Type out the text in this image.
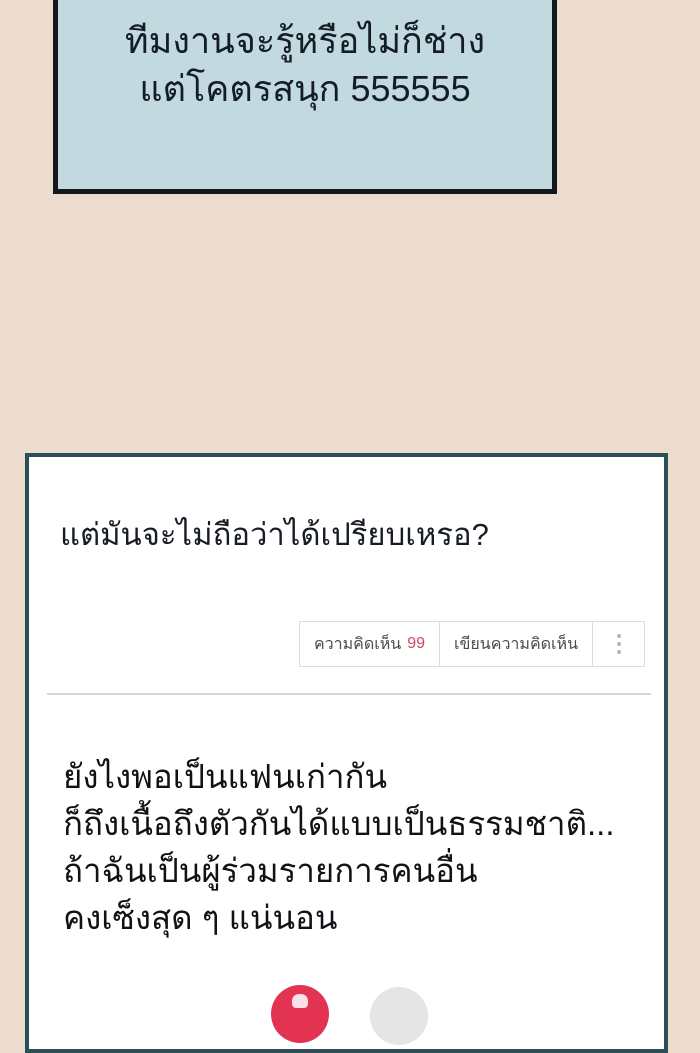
ทีมงานจะรู้หรือไม่ก็ช่าง
แต่โคตรสนุก 555555
แต่มันจะไม่ถือว่าได้เปรียบเหรอ?
ความคิดเห็น 99 เขียนความคิดเห็น
ยังไงพอเป็นแฟนเก่ากัน
ก็ถึงเนื้อถึงตัวกันได้แบบเป็นธรรมชาติ...
ถ้าฉันเป็นผู้ร่วมรายการคนอื่น
คงเซ็งสุด ๆ แน่นอน
